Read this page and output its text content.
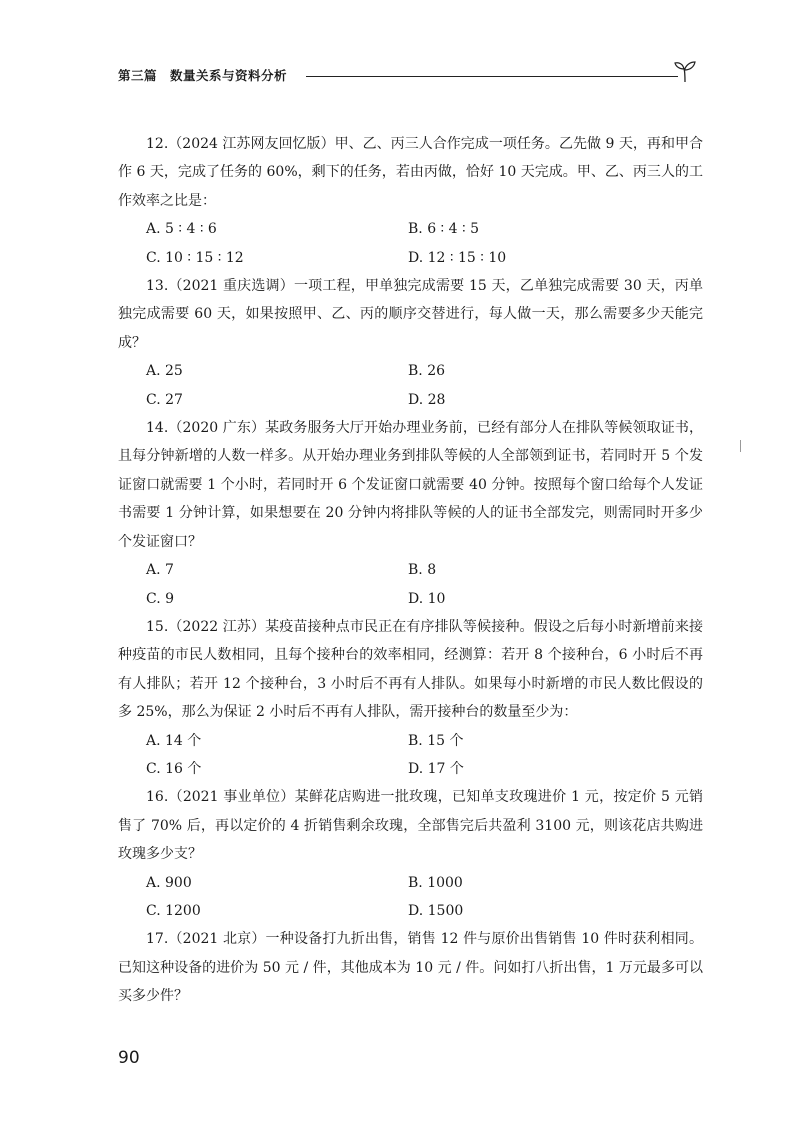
第三篇　数量关系与资料分析

12.（2024 江苏网友回忆版）甲、乙、丙三人合作完成一项任务。乙先做 9 天，再和甲合作 6 天，完成了任务的 60%，剩下的任务，若由丙做，恰好 10 天完成。甲、乙、丙三人的工作效率之比是：

A. 5 ∶ 4 ∶ 6	B. 6 ∶ 4 ∶ 5
C. 10 ∶ 15 ∶ 12	D. 12 ∶ 15 ∶ 10

13.（2021 重庆选调）一项工程，甲单独完成需要 15 天，乙单独完成需要 30 天，丙单独完成需要 60 天，如果按照甲、乙、丙的顺序交替进行，每人做一天，那么需要多少天能完成？

A. 25	B. 26
C. 27	D. 28

14.（2020 广东）某政务服务大厅开始办理业务前，已经有部分人在排队等候领取证书，且每分钟新增的人数一样多。从开始办理业务到排队等候的人全部领到证书，若同时开 5 个发证窗口就需要 1 个小时，若同时开 6 个发证窗口就需要 40 分钟。按照每个窗口给每个人发证书需要 1 分钟计算，如果想要在 20 分钟内将排队等候的人的证书全部发完，则需同时开多少个发证窗口？

A. 7	B. 8
C. 9	D. 10

15.（2022 江苏）某疫苗接种点市民正在有序排队等候接种。假设之后每小时新增前来接种疫苗的市民人数相同，且每个接种台的效率相同，经测算：若开 8 个接种台，6 小时后不再有人排队；若开 12 个接种台，3 小时后不再有人排队。如果每小时新增的市民人数比假设的多 25%，那么为保证 2 小时后不再有人排队，需开接种台的数量至少为：

A. 14 个	B. 15 个
C. 16 个	D. 17 个

16.（2021 事业单位）某鲜花店购进一批玫瑰，已知单支玫瑰进价 1 元，按定价 5 元销售了 70% 后，再以定价的 4 折销售剩余玫瑰，全部售完后共盈利 3100 元，则该花店共购进玫瑰多少支？

A. 900	B. 1000
C. 1200	D. 1500

17.（2021 北京）一种设备打九折出售，销售 12 件与原价出售销售 10 件时获利相同。已知这种设备的进价为 50 元 / 件，其他成本为 10 元 / 件。问如打八折出售，1 万元最多可以买多少件？

90
